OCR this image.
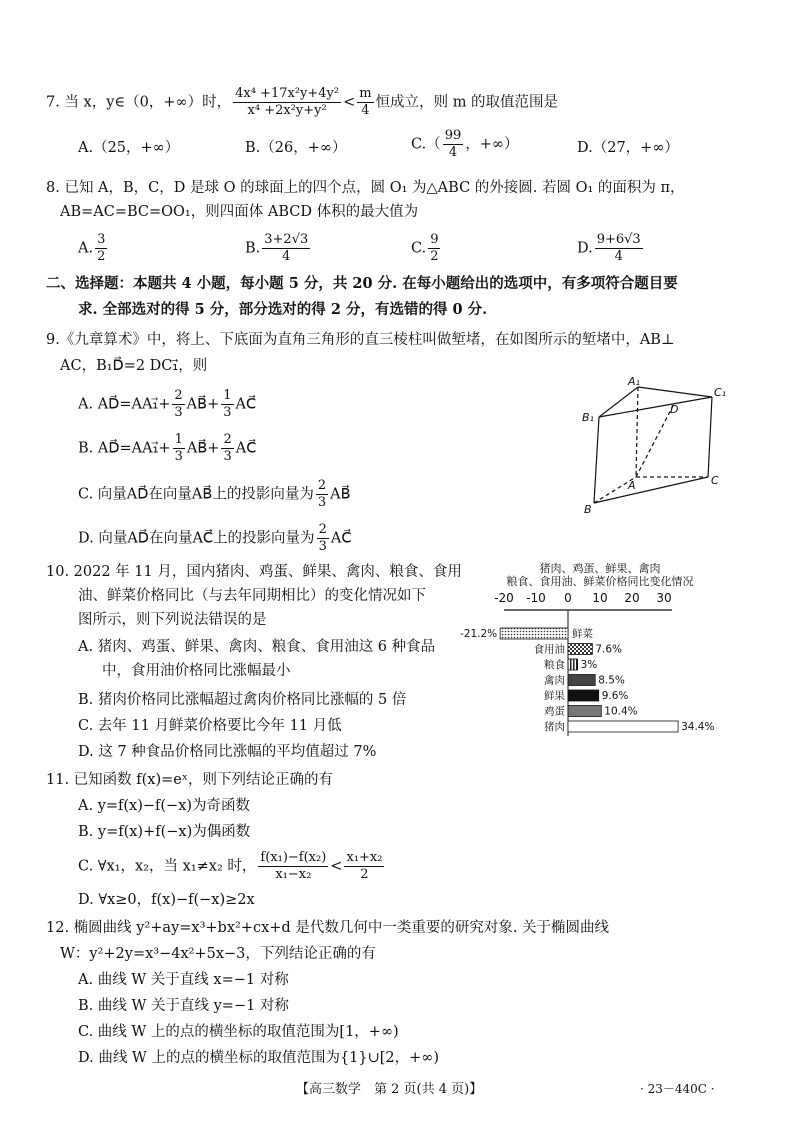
7. 当 x，y∈（0，+∞）时， $\frac{\text{4x⁴ +17x²y+4y²}}{\text{x⁴ +2x²y+y²}} < \frac{m}{4}$ 恒成立，则 m 的取值范围是
A.（25，+∞）	B.（26，+∞）	$C.( \frac{99}{4}$ ，+∞）	D.（27，+∞）
8. 已知 A，B，C，D 是球 O 的球面上的四个点，圆 O₁ 为△ABC 的外接圆. 若圆 O₁ 的面积为 π，
AB=AC=BC=OO₁，则四面体 ABCD 体积的最大值为
A. $\frac{3}{2}$	B. $\frac{3+2√3}{4}$	C. $\frac{9}{2}$	D. $\frac{9+6√3}{4}$
二、选择题：本题共 4 小题，每小题 5 分，共 20 分. 在每小题给出的选项中，有多项符合题目要
求. 全部选对的得 5 分，部分选对的得 2 分，有选错的得 0 分.
9.《九章算术》中，将上、下底面为直角三角形的直三棱柱叫做堑堵，在如图所示的堑堵中，AB⊥
AC，B₁D⃗=2 DC₁⃗，则
A. AD⃗=AA₁⃗+ $\frac{2}{3}$ AB⃗+ $\frac{1}{3}$ AC⃗
B. AD⃗=AA₁⃗+ $\frac{1}{3}$ AB⃗+ $\frac{2}{3}$ AC⃗
C. 向量AD⃗在向量AB⃗上的投影向量为 $\frac{2}{3}$ AB⃗
D. 向量AD⃗在向量AC⃗上的投影向量为 $\frac{2}{3}$ AC⃗
A₁
C₁
B₁
D
A
B
C
10. 2022 年 11 月，国内猪肉、鸡蛋、鲜果、禽肉、粮食、食用
油、鲜菜价格同比（与去年同期相比）的变化情况如下
图所示，则下列说法错误的是
A. 猪肉、鸡蛋、鲜果、禽肉、粮食、食用油这 6 种食品
中，食用油价格同比涨幅最小
B. 猪肉价格同比涨幅超过禽肉价格同比涨幅的 5 倍
C. 去年 11 月鲜菜价格要比今年 11 月低
D. 这 7 种食品价格同比涨幅的平均值超过 7%
猪肉、鸡蛋、鲜果、禽肉
粮食、食用油、鲜菜价格同比变化情况
-20 -10 0 10 20 30
鲜菜
-21.2%
食用油	7.6%
粮食 3%
禽肉	8.5%
鲜果	9.6%
鸡蛋	10.4%
猪肉	34.4%
11. 已知函数 f(x)=eˣ，则下列结论正确的有
A. y=f(x)−f(−x)为奇函数
B. y=f(x)+f(−x)为偶函数
C. ∀x₁，x₂，当 x₁≠x₂ 时， $\frac{\text{f(x₁)−f(x₂)}}{\text{x₁−x₂}} < \frac{\text{x₁+x₂}}{2}$
D. ∀x≥0，f(x)−f(−x)≥2x
12. 椭圆曲线 y²+ay=x³+bx²+cx+d 是代数几何中一类重要的研究对象. 关于椭圆曲线
W：y²+2y=x³−4x²+5x−3，下列结论正确的有
A. 曲线 W 关于直线 x=−1 对称
B. 曲线 W 关于直线 y=−1 对称
C. 曲线 W 上的点的横坐标的取值范围为[1，+∞)
D. 曲线 W 上的点的横坐标的取值范围为{1}∪[2，+∞)
【高三数学　第 2 页(共 4 页)】	· 23－440C ·
